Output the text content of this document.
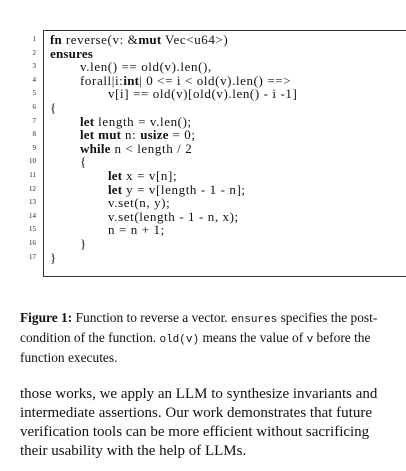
1
2
3
4
5
6
7
8
9
10
11
12
13
14
15
16
17
fn reverse(v: &mut Vec<u64>)
ensures
v.len() == old(v).len(),
forall|i:int| 0 <= i < old(v).len() ==>
v[i] == old(v)[old(v).len() - i -1]
{
let length = v.len();
let mut n: usize = 0;
while n < length / 2
{
let x = v[n];
let y = v[length - 1 - n];
v.set(n, y);
v.set(length - 1 - n, x);
n = n + 1;
}
}
Figure 1: Function to reverse a vector. ensures specifies the post-condition of the function. old(v) means the value of v before the function executes.
those works, we apply an LLM to synthesize invariants and intermediate assertions. Our work demonstrates that future verification tools can be more efficient without sacrificing their usability with the help of LLMs.
